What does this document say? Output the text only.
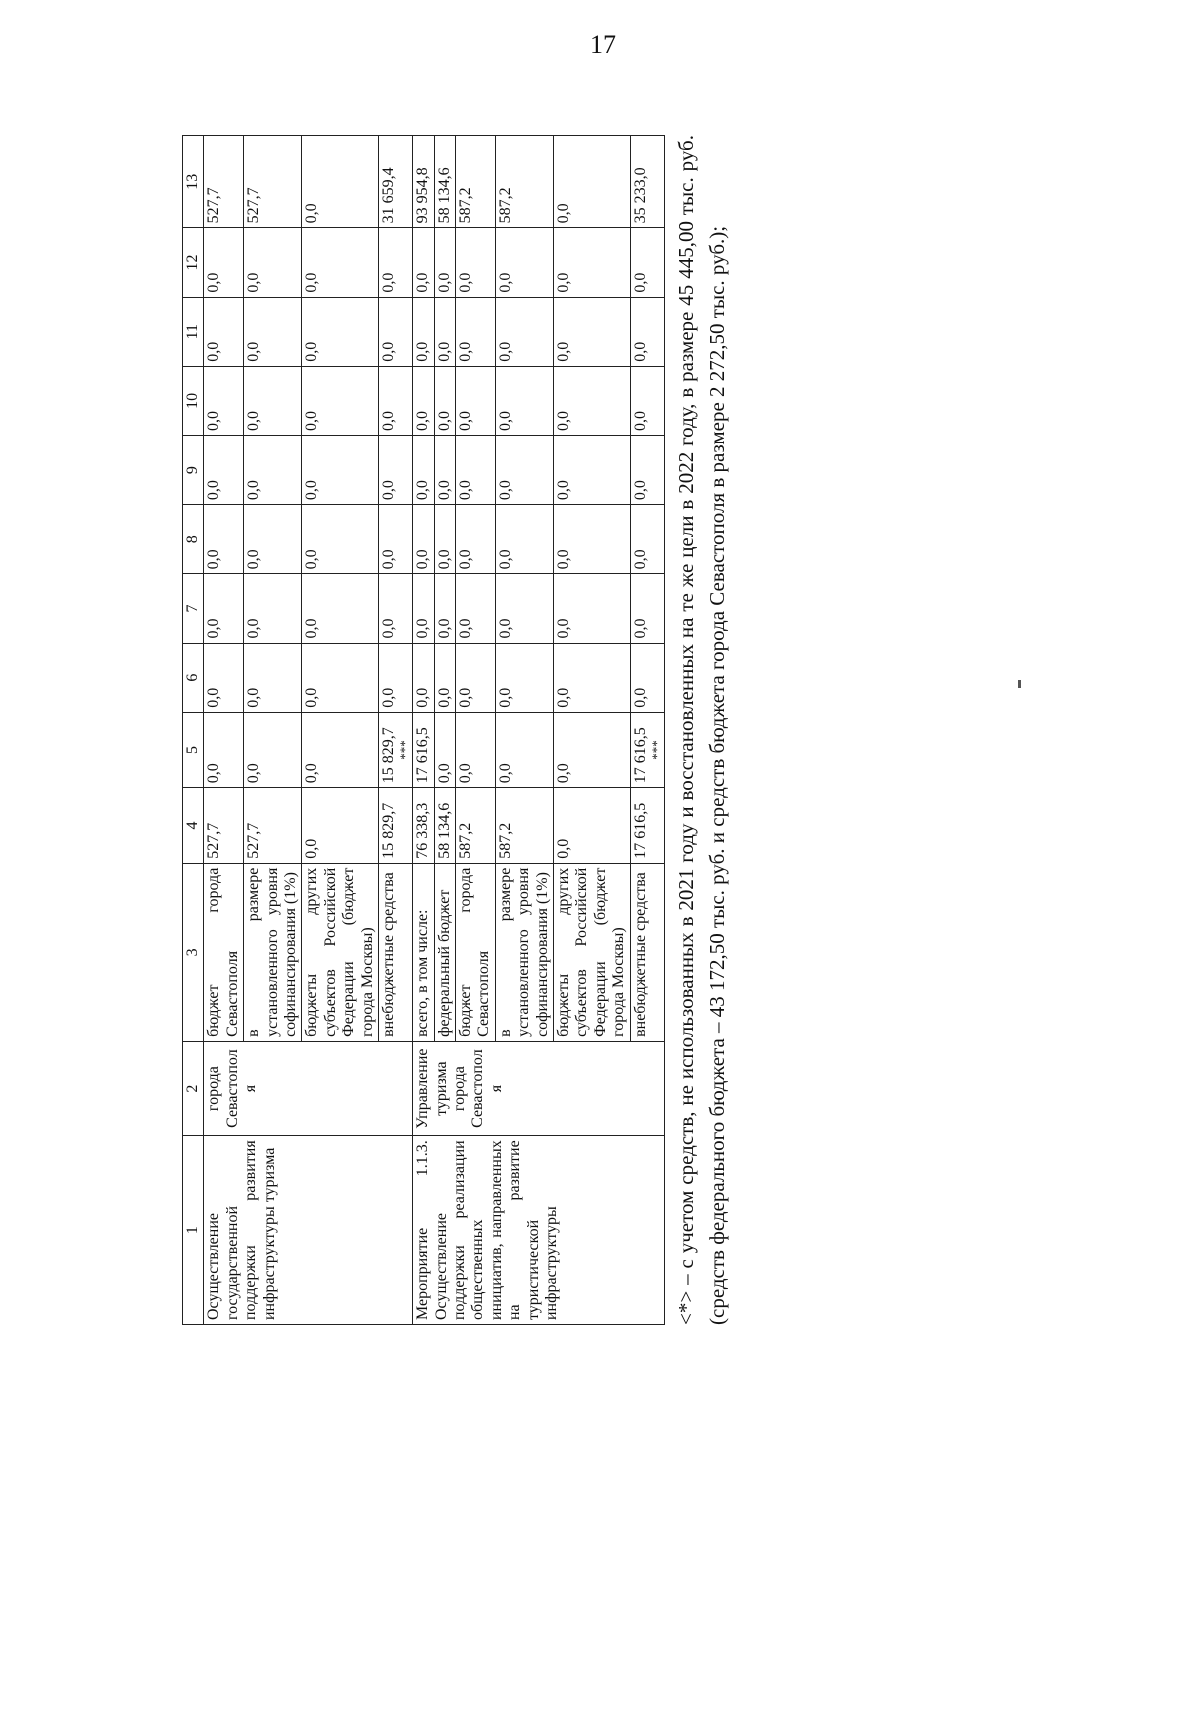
17
1	2	3	4	5	6	7	8	9	10	11	12	13
Осуществление государственной поддержки развития инфраструктуры туризма	города Севастополя	бюджет города Севастополя	527,7	0,0	0,0	0,0	0,0	0,0	0,0	0,0	0,0	527,7
		в размере установленного уровня софинансирования (1%)	527,7	0,0	0,0	0,0	0,0	0,0	0,0	0,0	0,0	527,7
		бюджеты других субъектов Российской Федерации (бюджет города Москвы)	0,0	0,0	0,0	0,0	0,0	0,0	0,0	0,0	0,0	0,0
		внебюджетные средства	15 829,7	15 829,7 ***	0,0	0,0	0,0	0,0	0,0	0,0	0,0	31 659,4
Мероприятие 1.1.3. Осуществление поддержки реализации общественных инициатив, направленных на развитие туристической инфраструктуры	Управление туризма города Севастополя	всего, в том числе:	76 338,3	17 616,5	0,0	0,0	0,0	0,0	0,0	0,0	0,0	93 954,8
		федеральный бюджет	58 134,6	0,0	0,0	0,0	0,0	0,0	0,0	0,0	0,0	58 134,6
		бюджет города Севастополя	587,2	0,0	0,0	0,0	0,0	0,0	0,0	0,0	0,0	587,2
		в размере установленного уровня софинансирования (1%)	587,2	0,0	0,0	0,0	0,0	0,0	0,0	0,0	0,0	587,2
		бюджеты других субъектов Российской Федерации (бюджет города Москвы)	0,0	0,0	0,0	0,0	0,0	0,0	0,0	0,0	0,0	0,0
		внебюджетные средства	17 616,5	17 616,5 ***	0,0	0,0	0,0	0,0	0,0	0,0	0,0	35 233,0 <*> – с учетом средств, не использованных в 2021 году и восстановленных на те же цели в 2022 году, в размере 45 445,00 тыс. руб. (средств федерального бюджета – 43 172,50 тыс. руб. и средств бюджета города Севастополя в размере 2 272,50 тыс. руб.);
